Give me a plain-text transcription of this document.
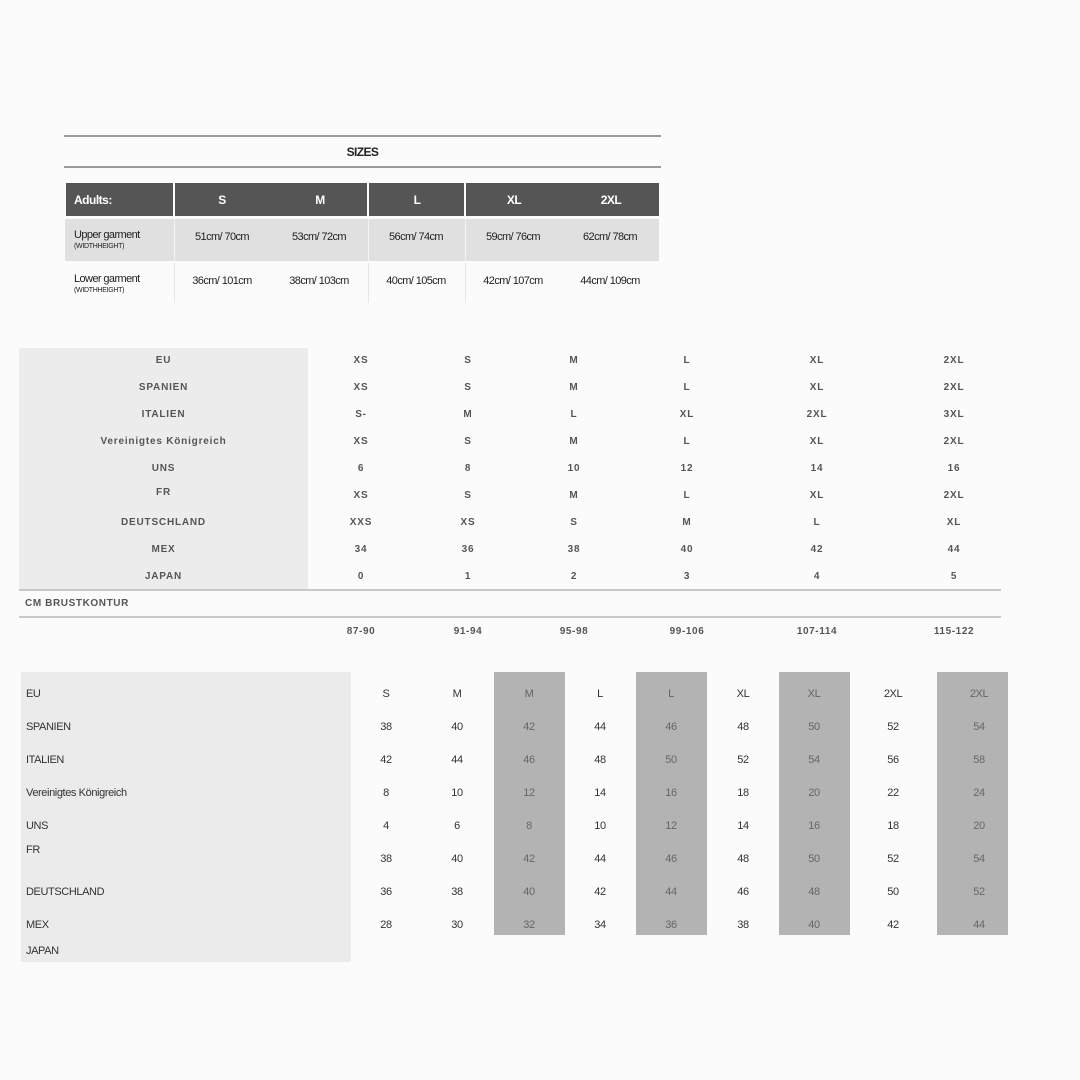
SIZES
Adults:	S	M	L	XL	2XL
Upper garment
(WIDTHHEIGHT)
51cm/ 70cm	53cm/ 72cm	56cm/ 74cm	59cm/ 76cm	62cm/ 78cm
Lower garment
(WIDTHHEIGHT)
36cm/ 101cm	38cm/ 103cm	40cm/ 105cm	42cm/ 107cm	44cm/ 109cm
EU	XS	S	M	L	XL	2XL
SPANIEN	XS	S	M	L	XL	2XL
ITALIEN	S-	M	L	XL	2XL	3XL
Vereinigtes Königreich	XS	S	M	L	XL	2XL
UNS	6	8	10	12	14	16
FR	XS	S	M	L	XL	2XL
DEUTSCHLAND	XXS	XS	S	M	L	XL
MEX	34	36	38	40	42	44
JAPAN	0	1	2	3	4	5
CM BRUSTKONTUR
87-90	91-94	95-98	99-106	107-114	115-122
EU	S	M	M	L	L	XL	XL	2XL	2XL
SPANIEN	38	40	42	44	46	48	50	52	54
ITALIEN	42	44	46	48	50	52	54	56	58
Vereinigtes Königreich	8	10	12	14	16	18	20	22	24
UNS	4	6	8	10	12	14	16	18	20
FR
38	40	42	44	46	48	50	52	54
DEUTSCHLAND	36	38	40	42	44	46	48	50	52
MEX	28	30	32	34	36	38	40	42	44
JAPAN
